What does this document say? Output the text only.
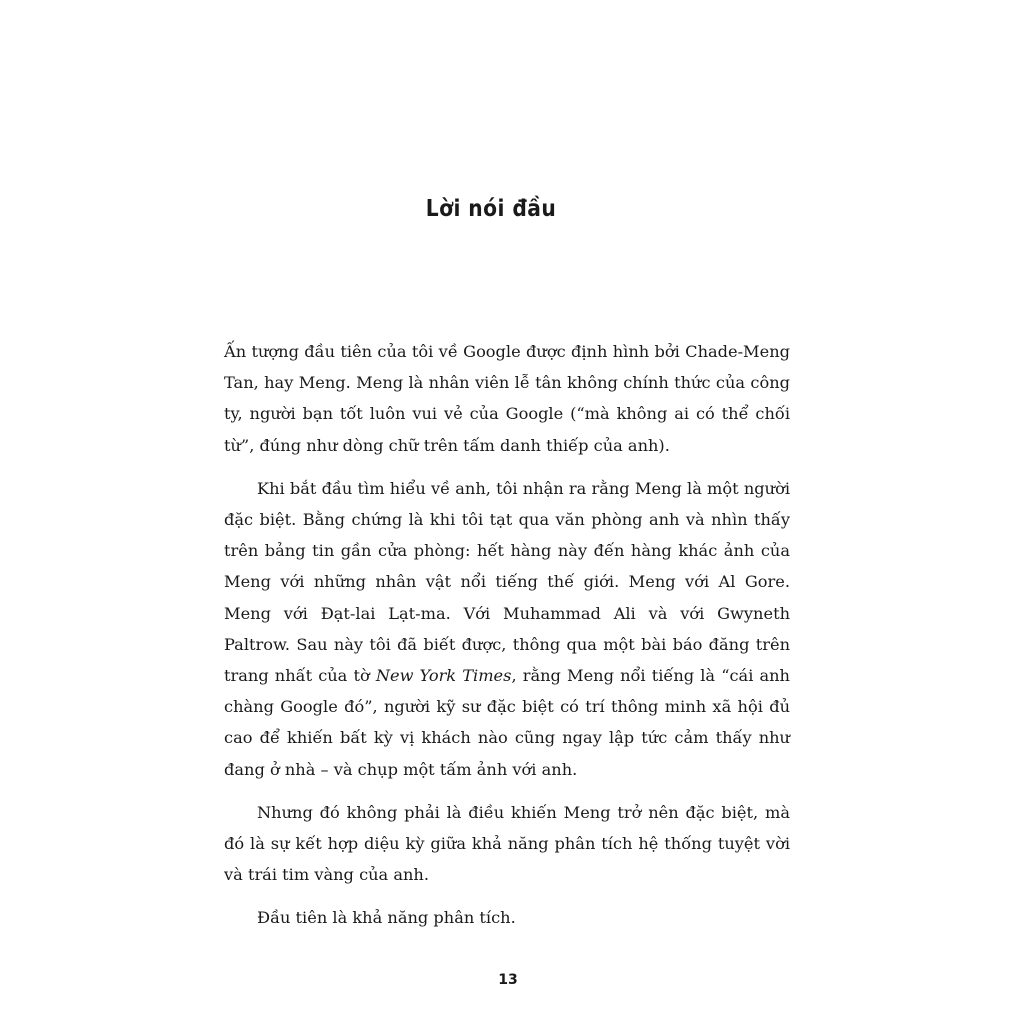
Lời nói đầu

Ấn tượng đầu tiên của tôi về Google được định hình bởi Chade-Meng Tan, hay Meng. Meng là nhân viên lễ tân không chính thức của công ty, người bạn tốt luôn vui vẻ của Google (“mà không ai có thể chối từ”, đúng như dòng chữ trên tấm danh thiếp của anh).

Khi bắt đầu tìm hiểu về anh, tôi nhận ra rằng Meng là một người đặc biệt. Bằng chứng là khi tôi tạt qua văn phòng anh và nhìn thấy trên bảng tin gần cửa phòng: hết hàng này đến hàng khác ảnh của Meng với những nhân vật nổi tiếng thế giới. Meng với Al Gore. Meng với Đạt-lai Lạt-ma. Với Muhammad Ali và với Gwyneth Paltrow. Sau này tôi đã biết được, thông qua một bài báo đăng trên trang nhất của tờ New York Times, rằng Meng nổi tiếng là “cái anh chàng Google đó”, người kỹ sư đặc biệt có trí thông minh xã hội đủ cao để khiến bất kỳ vị khách nào cũng ngay lập tức cảm thấy như đang ở nhà – và chụp một tấm ảnh với anh.

Nhưng đó không phải là điều khiến Meng trở nên đặc biệt, mà đó là sự kết hợp diệu kỳ giữa khả năng phân tích hệ thống tuyệt vời và trái tim vàng của anh.

Đầu tiên là khả năng phân tích.

13
